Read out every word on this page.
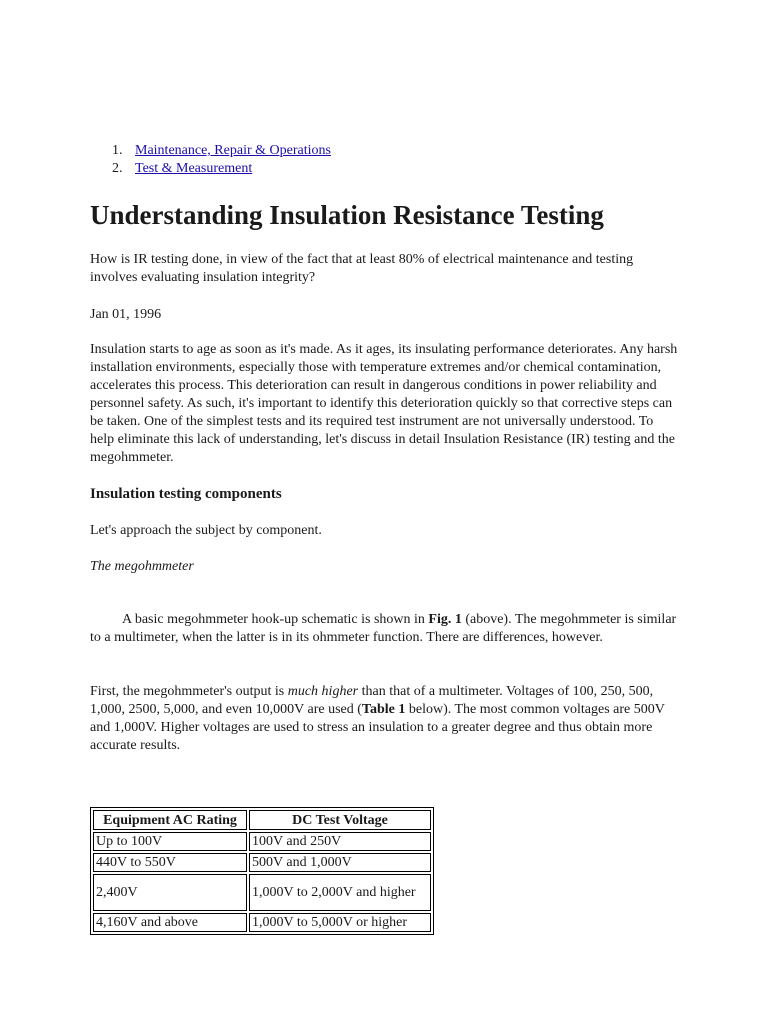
1. Maintenance, Repair & Operations
2. Test & Measurement
Understanding Insulation Resistance Testing

How is IR testing done, in view of the fact that at least 80% of electrical maintenance and testing involves evaluating insulation integrity?

Jan 01, 1996

Insulation starts to age as soon as it's made. As it ages, its insulating performance deteriorates. Any harsh installation environments, especially those with temperature extremes and/or chemical contamination, accelerates this process. This deterioration can result in dangerous conditions in power reliability and personnel safety. As such, it's important to identify this deterioration quickly so that corrective steps can be taken. One of the simplest tests and its required test instrument are not universally understood. To help eliminate this lack of understanding, let's discuss in detail Insulation Resistance (IR) testing and the megohmmeter.

Insulation testing components

Let's approach the subject by component.

The megohmmeter

A basic megohmmeter hook-up schematic is shown in Fig. 1 (above). The megohmmeter is similar to a multimeter, when the latter is in its ohmmeter function. There are differences, however.

First, the megohmmeter's output is much higher than that of a multimeter. Voltages of 100, 250, 500, 1,000, 2500, 5,000, and even 10,000V are used (Table 1 below). The most common voltages are 500V and 1,000V. Higher voltages are used to stress an insulation to a greater degree and thus obtain more accurate results.

Equipment AC Rating	DC Test Voltage
Up to 100V	100V and 250V
440V to 550V	500V and 1,000V
2,400V	1,000V to 2,000V and higher
4,160V and above	1,000V to 5,000V or higher
